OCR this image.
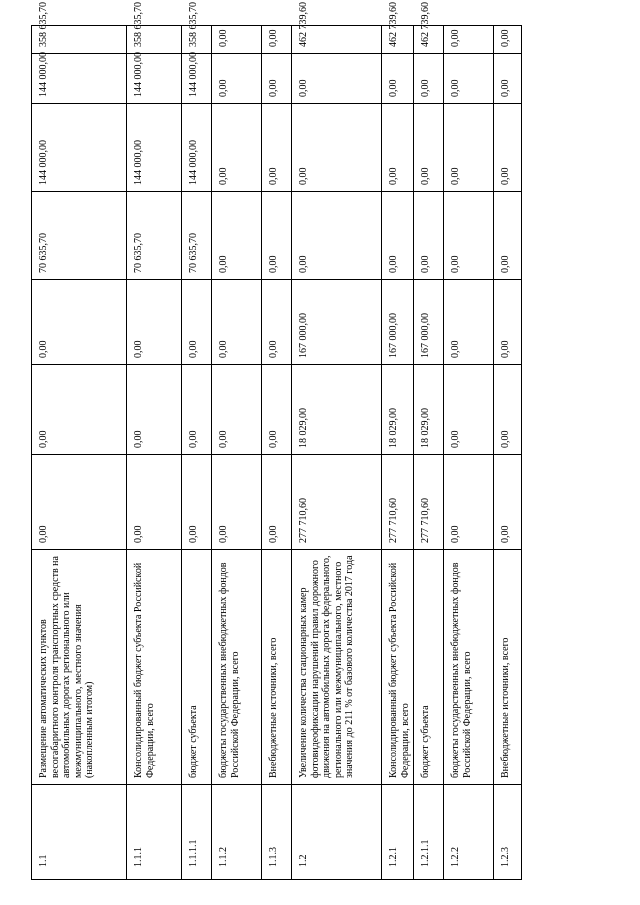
1.1	Размещение автоматических пунктов весогабаритного контроля транспортных средств на автомобильных дорогах регионального или межмуниципального, местного значения (накопленным итогом)	0,00	0,00	0,00	70 635,70	144 000,00	144 000,00	358 635,70
1.1.1	Консолидированный бюджет субъекта Российской Федерации, всего	0,00	0,00	0,00	70 635,70	144 000,00	144 000,00	358 635,70
1.1.1.1	бюджет субъекта	0,00	0,00	0,00	70 635,70	144 000,00	144 000,00	358 635,70
1.1.2	бюджеты государственных внебюджетных фондов Российской Федерации, всего	0,00	0,00	0,00	0,00	0,00	0,00	0,00
1.1.3	Внебюджетные источники, всего	0,00	0,00	0,00	0,00	0,00	0,00	0,00
1.2	Увеличение количества стационарных камер фотовидеофиксации нарушений правил дорожного движения на автомобильных дорогах федерального, регионального или межмуниципального, местного значения до 211 % от базового количества 2017 года	277 710,60	18 029,00	167 000,00	0,00	0,00	0,00	462 739,60
1.2.1	Консолидированный бюджет субъекта Российской Федерации, всего	277 710,60	18 029,00	167 000,00	0,00	0,00	0,00	462 739,60
1.2.1.1	бюджет субъекта	277 710,60	18 029,00	167 000,00	0,00	0,00	0,00	462 739,60
1.2.2	бюджеты государственных внебюджетных фондов Российской Федерации, всего	0,00	0,00	0,00	0,00	0,00	0,00	0,00
1.2.3	Внебюджетные источники, всего	0,00	0,00	0,00	0,00	0,00	0,00	0,00
